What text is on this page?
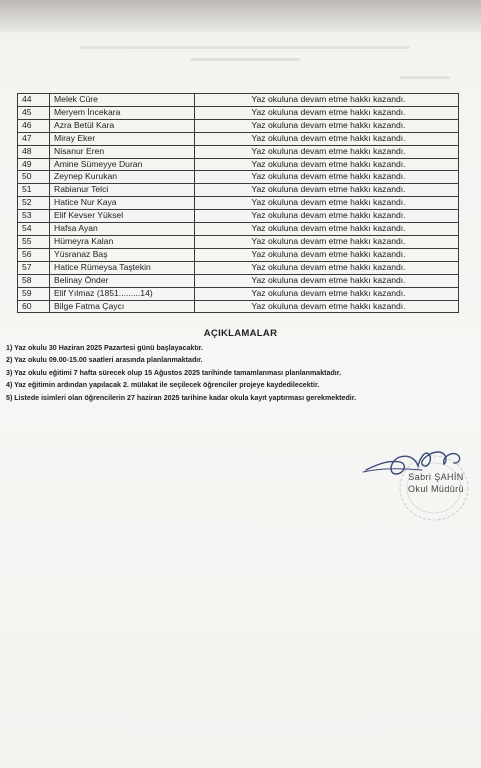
44	Melek Cüre	Yaz okuluna devam etme hakkı kazandı.
45	Meryem İncekara	Yaz okuluna devam etme hakkı kazandı.
46	Azra Betül Kara	Yaz okuluna devam etme hakkı kazandı.
47	Miray Eker	Yaz okuluna devam etme hakkı kazandı.
48	Nisanur Eren	Yaz okuluna devam etme hakkı kazandı.
49	Amine Sümeyye Duran	Yaz okuluna devam etme hakkı kazandı.
50	Zeynep Kurukan	Yaz okuluna devam etme hakkı kazandı.
51	Rabianur Telci	Yaz okuluna devam etme hakkı kazandı.
52	Hatice Nur Kaya	Yaz okuluna devam etme hakkı kazandı.
53	Elif Kevser Yüksel	Yaz okuluna devam etme hakkı kazandı.
54	Hafsa Ayan	Yaz okuluna devam etme hakkı kazandı.
55	Hümeyra Kalan	Yaz okuluna devam etme hakkı kazandı.
56	Yüsranaz Baş	Yaz okuluna devam etme hakkı kazandı.
57	Hatice Rümeysa Taştekin	Yaz okuluna devam etme hakkı kazandı.
58	Belinay Önder	Yaz okuluna devam etme hakkı kazandı.
59	Elif Yılmaz (1851.........14)	Yaz okuluna devam etme hakkı kazandı.
60	Bilge Fatma Çaycı	Yaz okuluna devam etme hakkı kazandı.
AÇIKLAMALAR
1) Yaz okulu 30 Haziran 2025 Pazartesi günü başlayacaktır.
2) Yaz okulu 09.00-15.00 saatleri arasında planlanmaktadır.
3) Yaz okulu eğitimi 7 hafta sürecek olup 15 Ağustos 2025 tarihinde tamamlanması planlanmaktadır.
4) Yaz eğitimin ardından yapılacak 2. mülakat ile seçilecek öğrenciler projeye kaydedilecektir.
5) Listede isimleri olan öğrencilerin 27 haziran 2025 tarihine kadar okula kayıt yaptırması gerekmektedir.
Sabri ŞAHİN
Okul Müdürü
